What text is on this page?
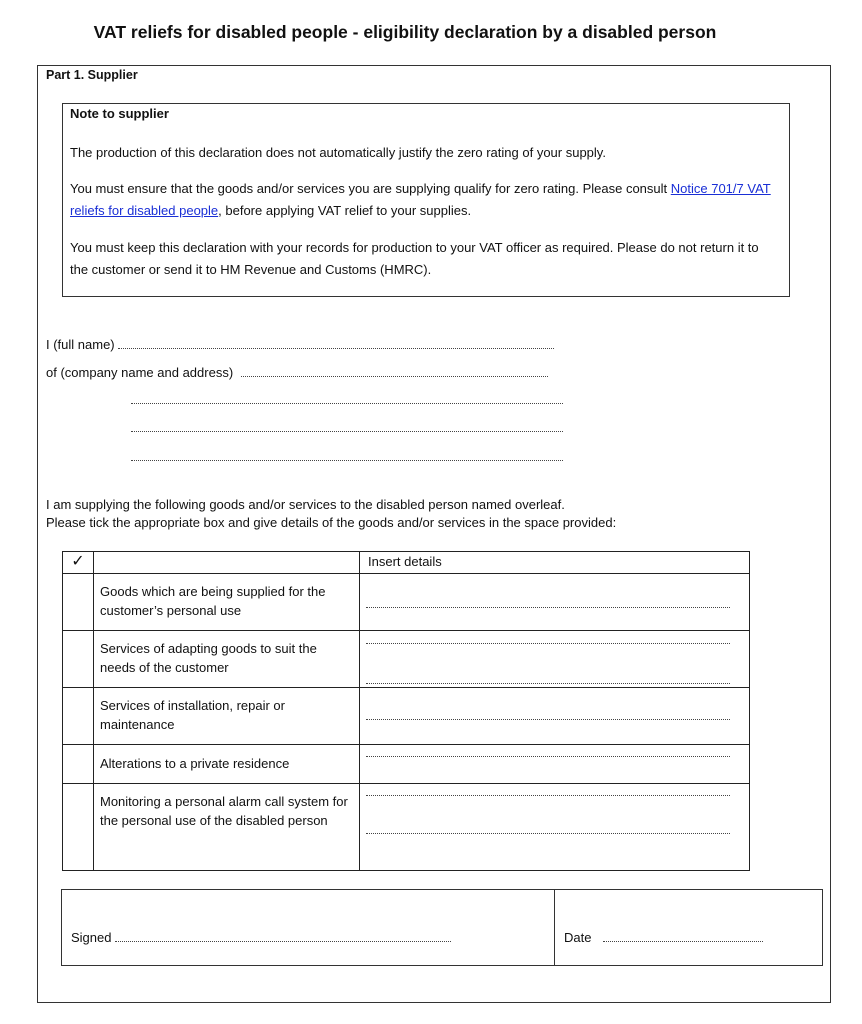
VAT reliefs for disabled people - eligibility declaration by a disabled person
Part 1. Supplier
Note to supplier
The production of this declaration does not automatically justify the zero rating of your supply.
You must ensure that the goods and/or services you are supplying qualify for zero rating. Please consult Notice 701/7 VAT reliefs for disabled people, before applying VAT relief to your supplies.
You must keep this declaration with your records for production to your VAT officer as required. Please do not return it to the customer or send it to HM Revenue and Customs (HMRC).
I (full name)
of (company name and address)
I am supplying the following goods and/or services to the disabled person named overleaf.
Please tick the appropriate box and give details of the goods and/or services in the space provided:
✓		Insert details
	Goods which are being supplied for the customer’s personal use	
	Services of adapting goods to suit the needs of the customer	
	Services of installation, repair or maintenance	
	Alterations to a private residence	
	Monitoring a personal alarm call system for the personal use of the disabled person	
Signed	Date
